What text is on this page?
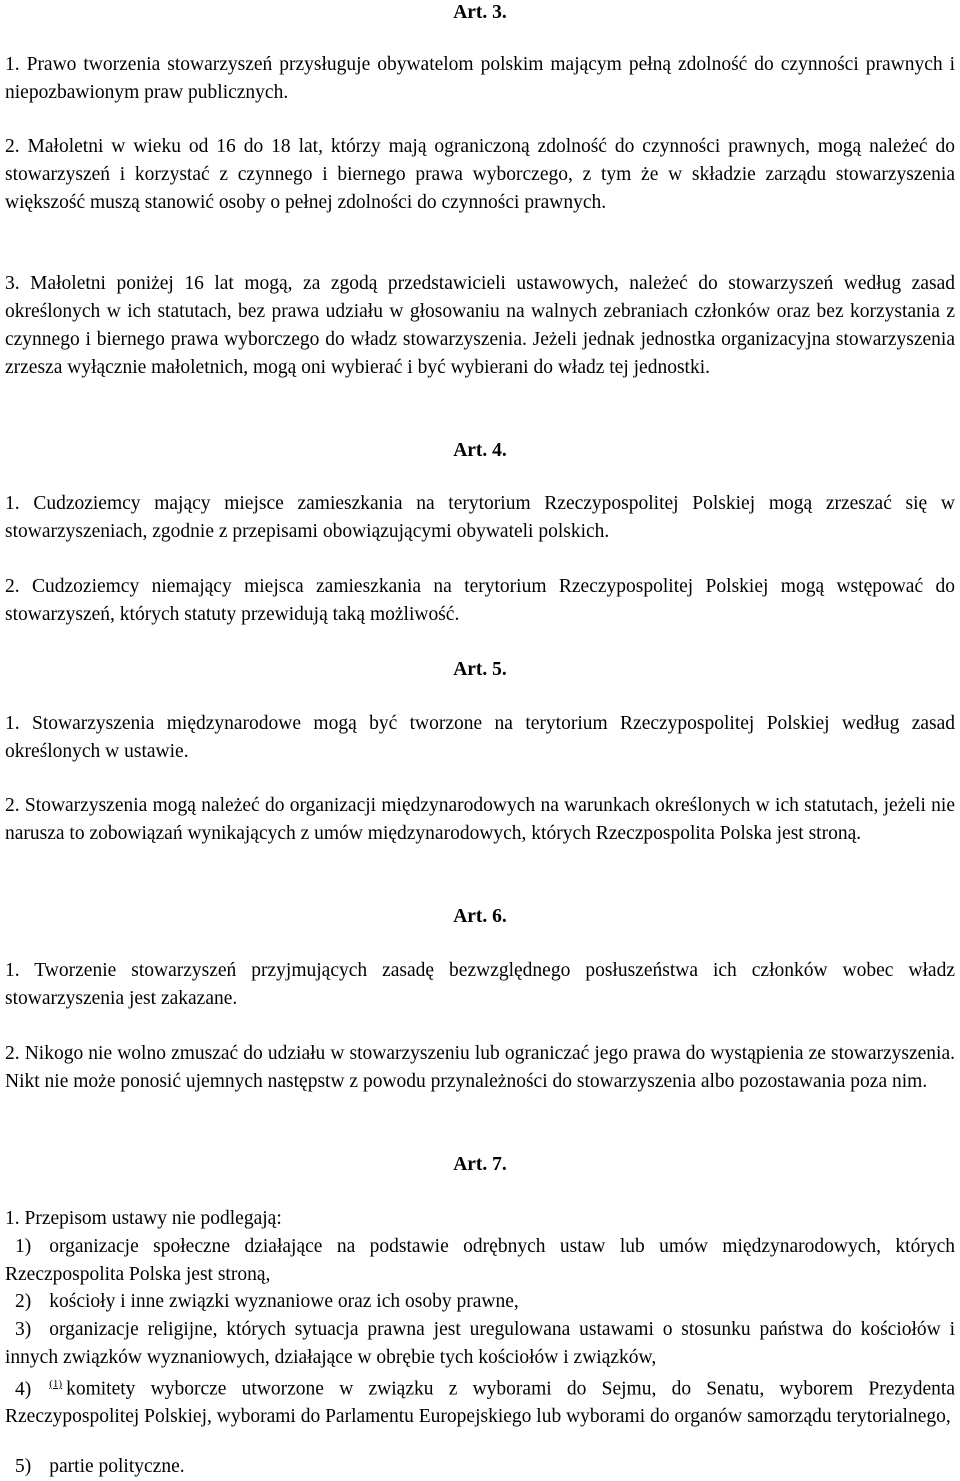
Art. 3.

1. Prawo tworzenia stowarzyszeń przysługuje obywatelom polskim mającym pełną zdolność do czynności prawnych i niepozbawionym praw publicznych.

2. Małoletni w wieku od 16 do 18 lat, którzy mają ograniczoną zdolność do czynności prawnych, mogą należeć do stowarzyszeń i korzystać z czynnego i biernego prawa wyborczego, z tym że w składzie zarządu stowarzyszenia większość muszą stanowić osoby o pełnej zdolności do czynności prawnych.

3. Małoletni poniżej 16 lat mogą, za zgodą przedstawicieli ustawowych, należeć do stowarzyszeń według zasad określonych w ich statutach, bez prawa udziału w głosowaniu na walnych zebraniach członków oraz bez korzystania z czynnego i biernego prawa wyborczego do władz stowarzyszenia. Jeżeli jednak jednostka organizacyjna stowarzyszenia zrzesza wyłącznie małoletnich, mogą oni wybierać i być wybierani do władz tej jednostki.

Art. 4.

1. Cudzoziemcy mający miejsce zamieszkania na terytorium Rzeczypospolitej Polskiej mogą zrzeszać się w stowarzyszeniach, zgodnie z przepisami obowiązującymi obywateli polskich.

2. Cudzoziemcy niemający miejsca zamieszkania na terytorium Rzeczypospolitej Polskiej mogą wstępować do stowarzyszeń, których statuty przewidują taką możliwość.

Art. 5.

1. Stowarzyszenia międzynarodowe mogą być tworzone na terytorium Rzeczypospolitej Polskiej według zasad określonych w ustawie.

2. Stowarzyszenia mogą należeć do organizacji międzynarodowych na warunkach określonych w ich statutach, jeżeli nie narusza to zobowiązań wynikających z umów międzynarodowych, których Rzeczpospolita Polska jest stroną.

Art. 6.

1. Tworzenie stowarzyszeń przyjmujących zasadę bezwzględnego posłuszeństwa ich członków wobec władz stowarzyszenia jest zakazane.

2. Nikogo nie wolno zmuszać do udziału w stowarzyszeniu lub ograniczać jego prawa do wystąpienia ze stowarzyszenia. Nikt nie może ponosić ujemnych następstw z powodu przynależności do stowarzyszenia albo pozostawania poza nim.

Art. 7.

1. Przepisom ustawy nie podlegają:

1) organizacje społeczne działające na podstawie odrębnych ustaw lub umów międzynarodowych, których Rzeczpospolita Polska jest stroną,

2) kościoły i inne związki wyznaniowe oraz ich osoby prawne,

3) organizacje religijne, których sytuacja prawna jest uregulowana ustawami o stosunku państwa do kościołów i innych związków wyznaniowych, działające w obrębie tych kościołów i związków,

4) $^{(1)}$ komitety wyborcze utworzone w związku z wyborami do Sejmu, do Senatu, wyborem Prezydenta Rzeczypospolitej Polskiej, wyborami do Parlamentu Europejskiego lub wyborami do organów samorządu terytorialnego,

5) partie polityczne.
